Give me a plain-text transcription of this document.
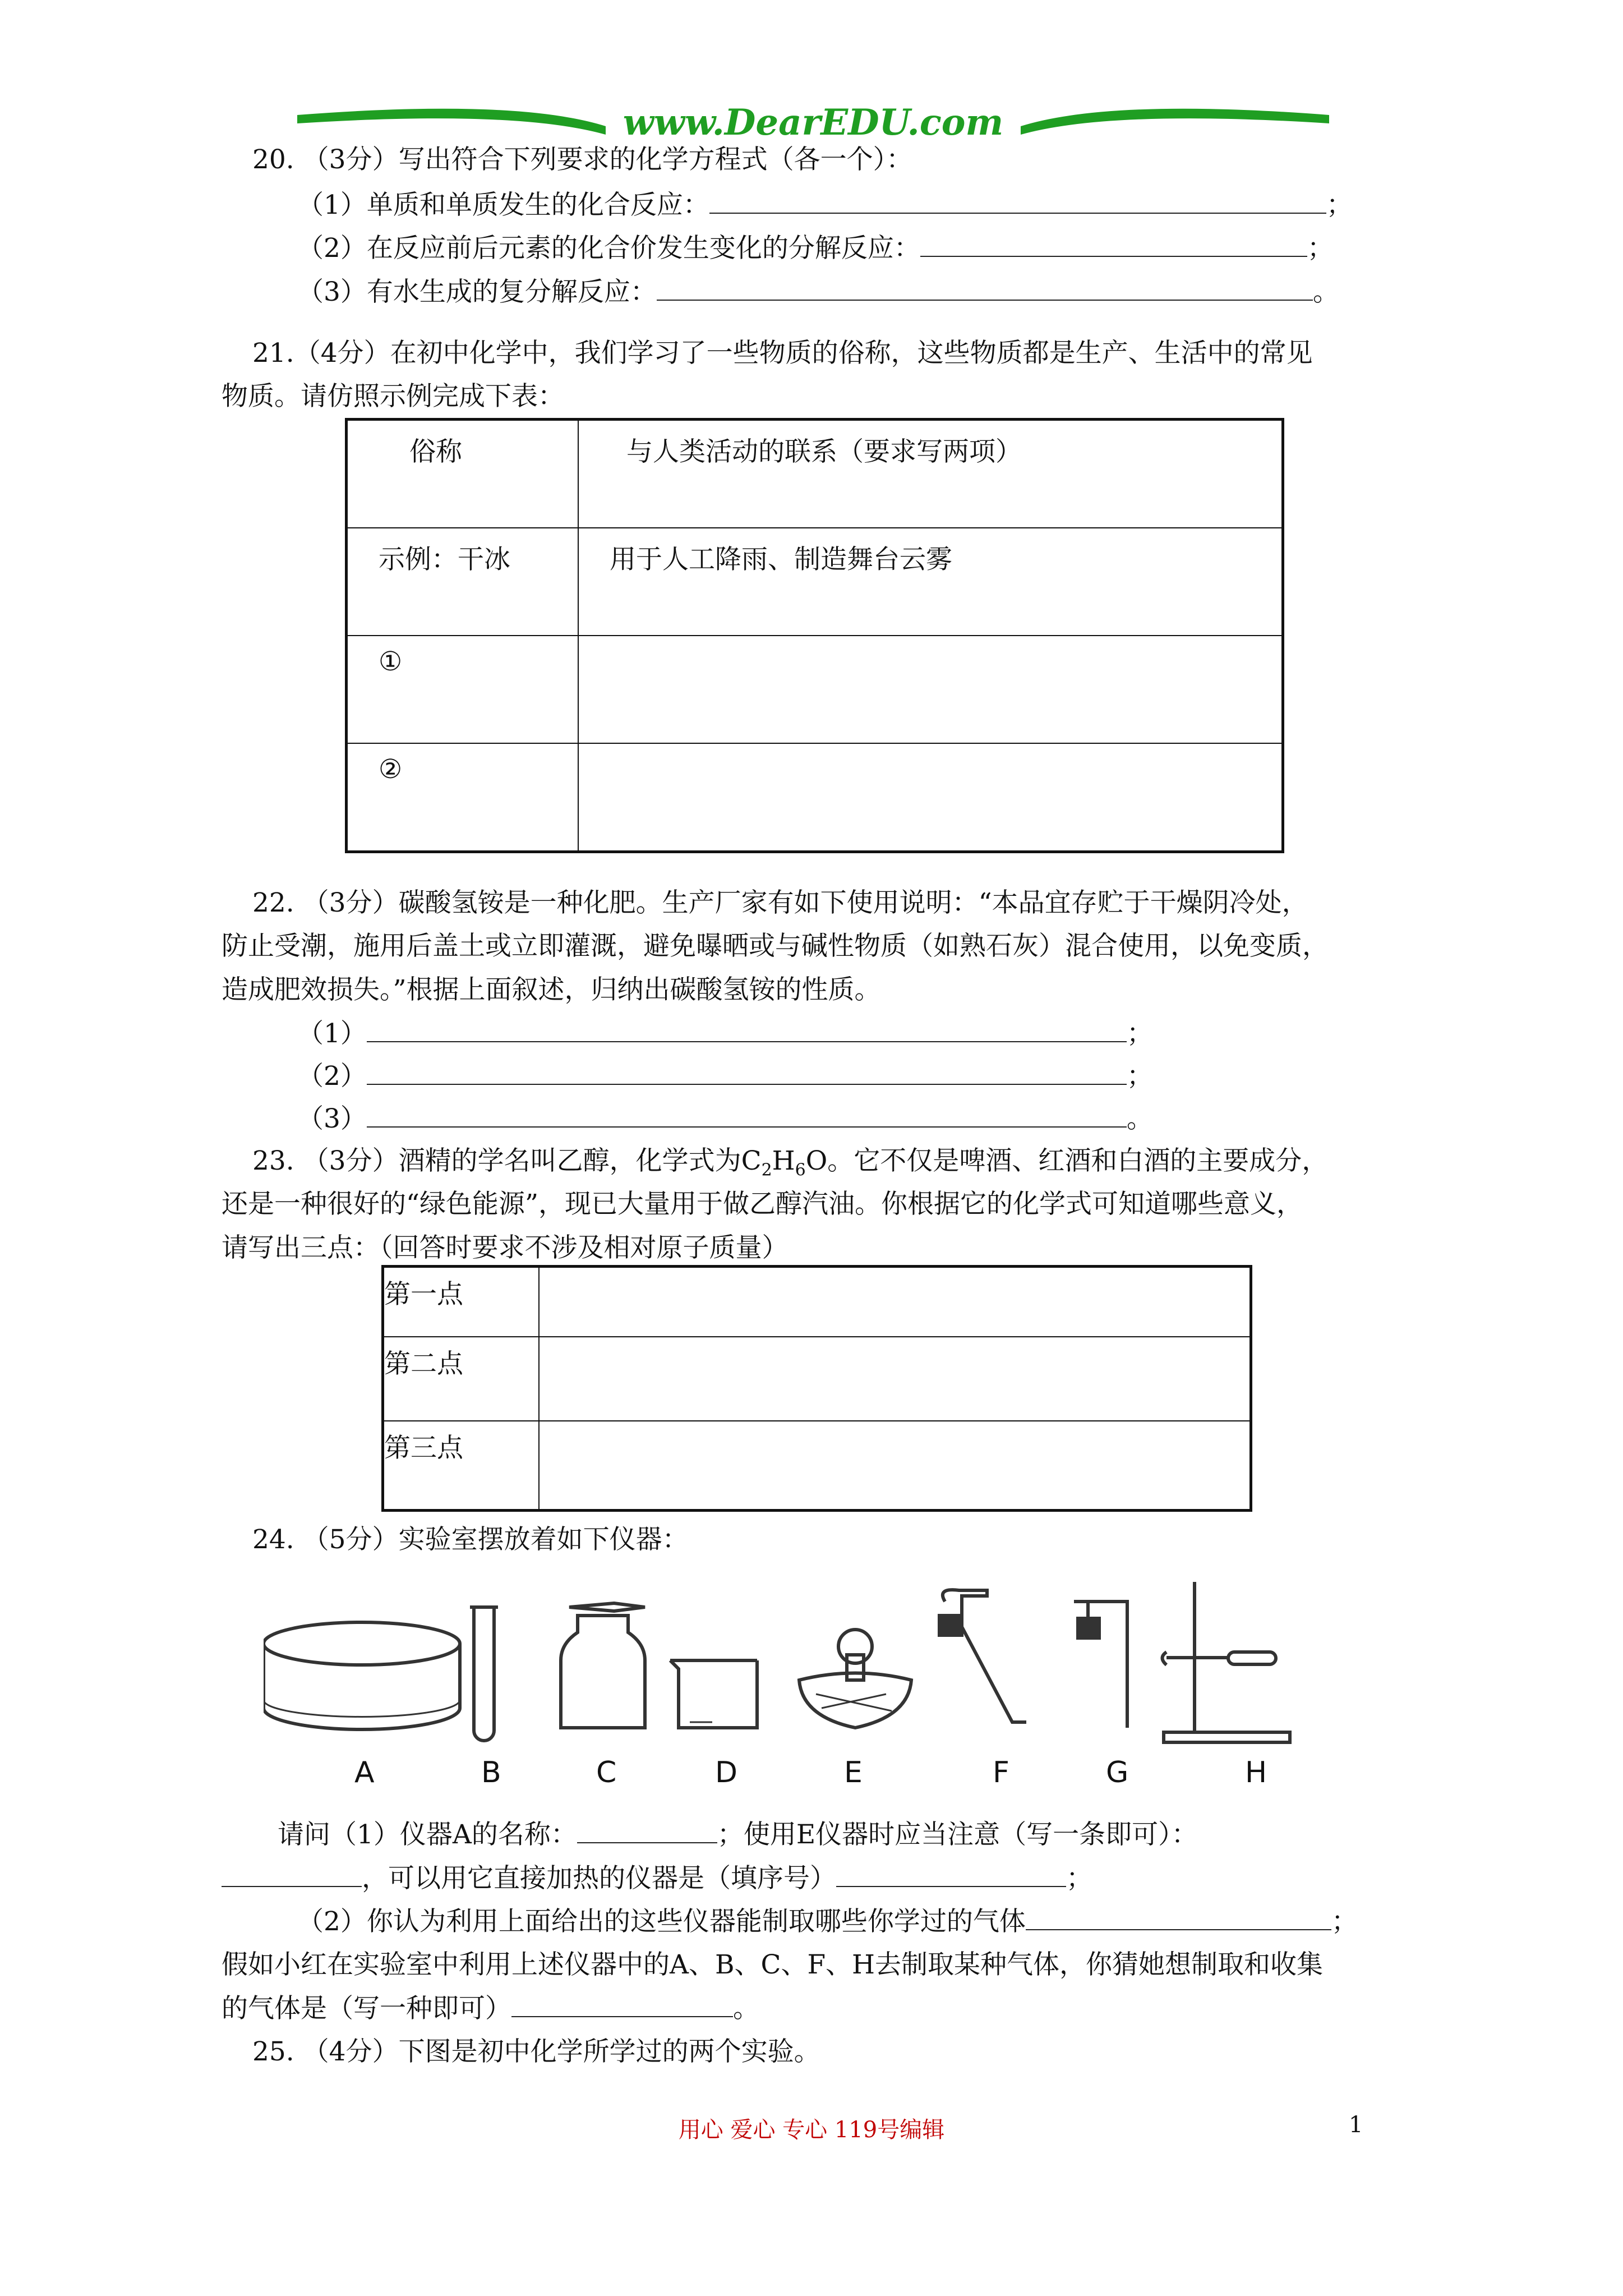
www.DearEDU.com
20. （3分）写出符合下列要求的化学方程式（各一个）：
（1）单质和单质发生的化合反应：	；
（2）在反应前后元素的化合价发生变化的分解反应：	；
（3）有水生成的复分解反应：	。
21.（4分）在初中化学中，我们学习了一些物质的俗称，这些物质都是生产、生活中的常见
物质。请仿照示例完成下表：
俗称	与人类活动的联系（要求写两项）

示例：干冰	用于人工降雨、制造舞台云雾

①	

②	

22. （3分）碳酸氢铵是一种化肥。生产厂家有如下使用说明：“本品宜存贮于干燥阴冷处，
防止受潮，施用后盖土或立即灌溉，避免曝晒或与碱性物质（如熟石灰）混合使用，以免变质，
造成肥效损失。”根据上面叙述，归纳出碳酸氢铵的性质。
（1）	；
（2）	；
（3）	。
23. （3分）酒精的学名叫乙醇，化学式为$C_2H_6O$。它不仅是啤酒、红酒和白酒的主要成分，
还是一种很好的“绿色能源”，现已大量用于做乙醇汽油。你根据它的化学式可知道哪些意义，
请写出三点：（回答时要求不涉及相对原子质量）
第一点	

第二点	

第三点	

24. （5分）实验室摆放着如下仪器：
A	B	C	D	E	F	G	H
请问（1）仪器A的名称：	；使用E仪器时应当注意（写一条即可）：
，可以用它直接加热的仪器是（填序号）	；
（2）你认为利用上面给出的这些仪器能制取哪些你学过的气体	；
假如小红在实验室中利用上述仪器中的A、B、C、F、H去制取某种气体，你猜她想制取和收集
的气体是（写一种即可）	。
25. （4分）下图是初中化学所学过的两个实验。
用心 爱心 专心 119号编辑	1
